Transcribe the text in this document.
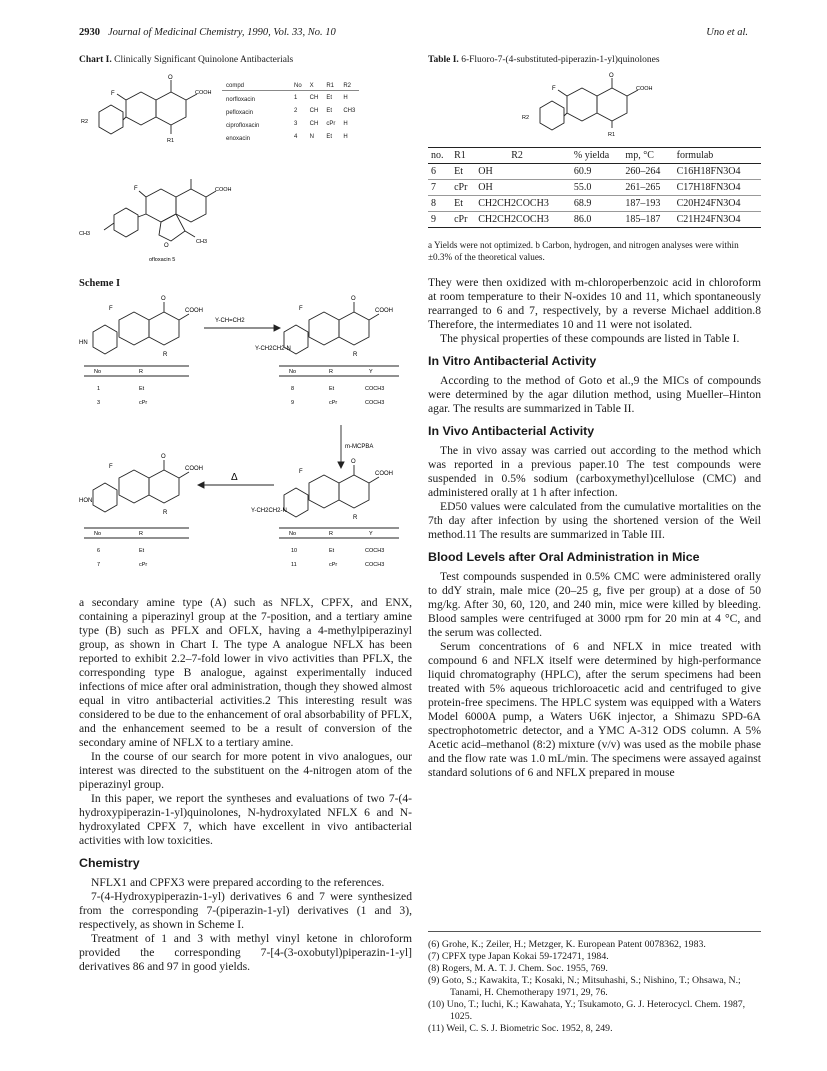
2930 Journal of Medicinal Chemistry, 1990, Vol. 33, No. 10	Uno et al.
Chart I. Clinically Significant Quinolone Antibacterials
O
COOH
F
R2
R1
compd	No	X	R1	R2
norfloxacin	1	CH	Et	H
pefloxacin	2	CH	Et	CH3
ciprofloxacin	3	CH	cPr	H
enoxacin	4	N	Et	H
F	COOH
CH3
CH3
O
ofloxacin 5
Scheme I
O
COOH
F
HN
R
Y-CH=CH2
O
COOH
F
Y-CH2CH2-N
R
m-MCPBA
O
COOH
F
Y-CH2CH2-N
R
O
COOH
F
HON
R
Δ
No	R
1	Et
3	cPr
No	R	Y
8	Et	COCH3
9	cPr	COCH3
No	R
6	Et
7	cPr
No	R	Y
10	Et	COCH3
11	cPr	COCH3

a secondary amine type (A) such as NFLX, CPFX, and ENX, containing a piperazinyl group at the 7-position, and a tertiary amine type (B) such as PFLX and OFLX, having a 4-methylpiperazinyl group, as shown in Chart I. The type A analogue NFLX has been reported to exhibit 2.2–7-fold lower in vivo activities than PFLX, the corresponding type B analogue, against experimentally induced infections of mice after oral administration, though they showed almost equal in vitro antibacterial activities.2 This interesting result was considered to be due to the enhancement of oral absorbability of PFLX, and the enhancement seemed to be a result of conversion of the secondary amine of NFLX to a tertiary amine.

In the course of our search for more potent in vivo analogues, our interest was directed to the substituent on the 4-nitrogen atom of the piperazinyl group.

In this paper, we report the syntheses and evaluations of two 7-(4-hydroxypiperazin-1-yl)quinolones, N-hydroxylated NFLX 6 and N-hydroxylated CPFX 7, which have excellent in vivo antibacterial activities with low toxicities.

Chemistry

NFLX1 and CPFX3 were prepared according to the references.

7-(4-Hydroxypiperazin-1-yl) derivatives 6 and 7 were synthesized from the corresponding 7-(piperazin-1-yl) derivatives (1 and 3), respectively, as shown in Scheme I.

Treatment of 1 and 3 with methyl vinyl ketone in chloroform provided the corresponding 7-[4-(3-oxobutyl)piperazin-1-yl] derivatives 86 and 97 in good yields.

Table I. 6-Fluoro-7-(4-substituted-piperazin-1-yl)quinolones
O
COOH
F
R2
R1
no.	R1	R2	% yielda	mp, °C	formulab
6	Et	OH	60.9	260–264	C16H18FN3O4
7	cPr	OH	55.0	261–265	C17H18FN3O4
8	Et	CH2CH2COCH3	68.9	187–193	C20H24FN3O4
9	cPr	CH2CH2COCH3	86.0	185–187	C21H24FN3O4
a Yields were not optimized. b Carbon, hydrogen, and nitrogen analyses were within ±0.3% of the theoretical values.

They were then oxidized with m-chloroperbenzoic acid in chloroform at room temperature to their N-oxides 10 and 11, which spontaneously rearranged to 6 and 7, respectively, by a reverse Michael addition.8 Therefore, the intermediates 10 and 11 were not isolated.

The physical properties of these compounds are listed in Table I.

In Vitro Antibacterial Activity

According to the method of Goto et al.,9 the MICs of compounds were determined by the agar dilution method, using Mueller–Hinton agar. The results are summarized in Table II.

In Vivo Antibacterial Activity

The in vivo assay was carried out according to the method which was reported in a previous paper.10 The test compounds were suspended in 0.5% sodium (carboxymethyl)cellulose (CMC) and administered orally at 1 h after infection.

ED50 values were calculated from the cumulative mortalities on the 7th day after infection by using the shortened version of the Weil method.11 The results are summarized in Table III.

Blood Levels after Oral Administration in Mice

Test compounds suspended in 0.5% CMC were administered orally to ddY strain, male mice (20–25 g, five per group) at a dose of 50 mg/kg. After 30, 60, 120, and 240 min, mice were killed by bleeding. Blood samples were centrifuged at 3000 rpm for 20 min at 4 °C, and the serum was collected.

Serum concentrations of 6 and NFLX in mice treated with compound 6 and NFLX itself were determined by high-performance liquid chromatography (HPLC), after the serum specimens had been treated with 5% aqueous trichloroacetic acid and centrifuged to give protein-free specimens. The HPLC system was equipped with a Waters Model 6000A pump, a Waters U6K injector, a Shimazu SPD-6A spectrophotometric detector, and a YMC A-312 ODS column. A 5% Acetic acid–methanol (8:2) mixture (v/v) was used as the mobile phase and the flow rate was 1.0 mL/min. The specimens were assayed against standard solutions of 6 and NFLX prepared in mouse

(6) Grohe, K.; Zeiler, H.; Metzger, K. European Patent 0078362, 1983.
(7) CPFX type Japan Kokai 59-172471, 1984.
(8) Rogers, M. A. T. J. Chem. Soc. 1955, 769.
(9) Goto, S.; Kawakita, T.; Kosaki, N.; Mitsuhashi, S.; Nishino, T.; Ohsawa, N.; Tanami, H. Chemotherapy 1971, 29, 76.
(10) Uno, T.; Iuchi, K.; Kawahata, Y.; Tsukamoto, G. J. Heterocycl. Chem. 1987, 1025.
(11) Weil, C. S. J. Biometric Soc. 1952, 8, 249.
